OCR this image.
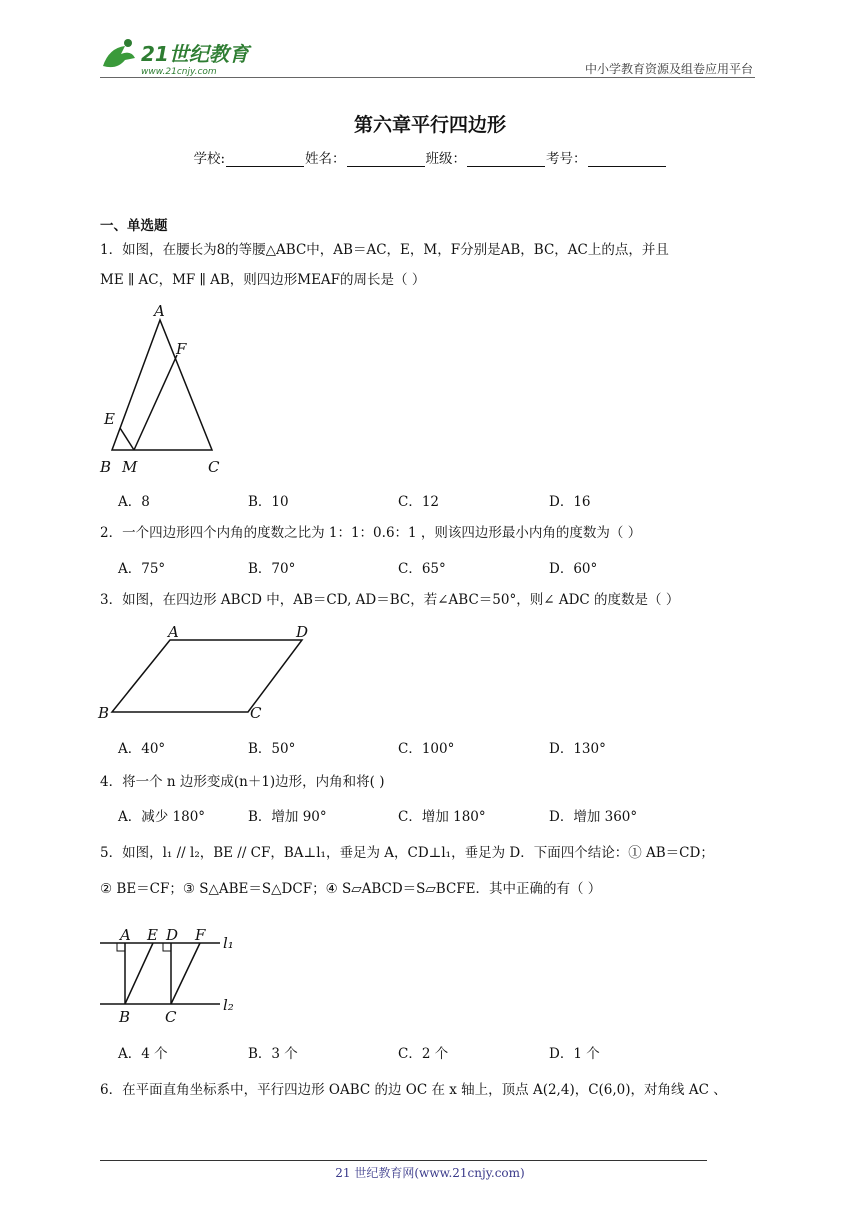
21世纪教育
www.21cnjy.com	中小学教育资源及组卷应用平台
第六章平行四边形
学校:	姓名：	班级：	考号：
一、单选题
1．如图，在腰长为8的等腰△ABC中，AB＝AC，E，M，F分别是AB，BC，AC上的点，并且
ME ∥ AC，MF ∥ AB，则四边形MEAF的周长是（ ）
A
F
E
B M	C
A．8	B．10	C．12	D．16
2．一个四边形四个内角的度数之比为 1：1：0.6：1 ，则该四边形最小内角的度数为（ ）
A．75°	B．70°	C．65°	D．60°
3．如图，在四边形 ABCD 中，AB＝CD, AD＝BC，若∠ABC＝50°，则∠ ADC 的度数是（ ）
A	D
B	C
A．40°	B．50°	C．100°	D．130°
4．将一个 n 边形变成(n＋1)边形，内角和将( )
A．减少 180°	B．增加 90°	C．增加 180°	D．增加 360°
5．如图，l₁ // l₂，BE // CF，BA⊥l₁，垂足为 A，CD⊥l₁，垂足为 D．下面四个结论：① AB＝CD；
② BE＝CF；③ S△ABE＝S△DCF；④ S▱ABCD＝S▱BCFE．其中正确的有（ ）
A E D F l₁
B C
l₂
A．4 个	B．3 个	C．2 个	D．1 个
6．在平面直角坐标系中，平行四边形 OABC 的边 OC 在 x 轴上，顶点 A(2,4)，C(6,0)，对角线 AC 、
21 世纪教育网(www.21cnjy.com)
